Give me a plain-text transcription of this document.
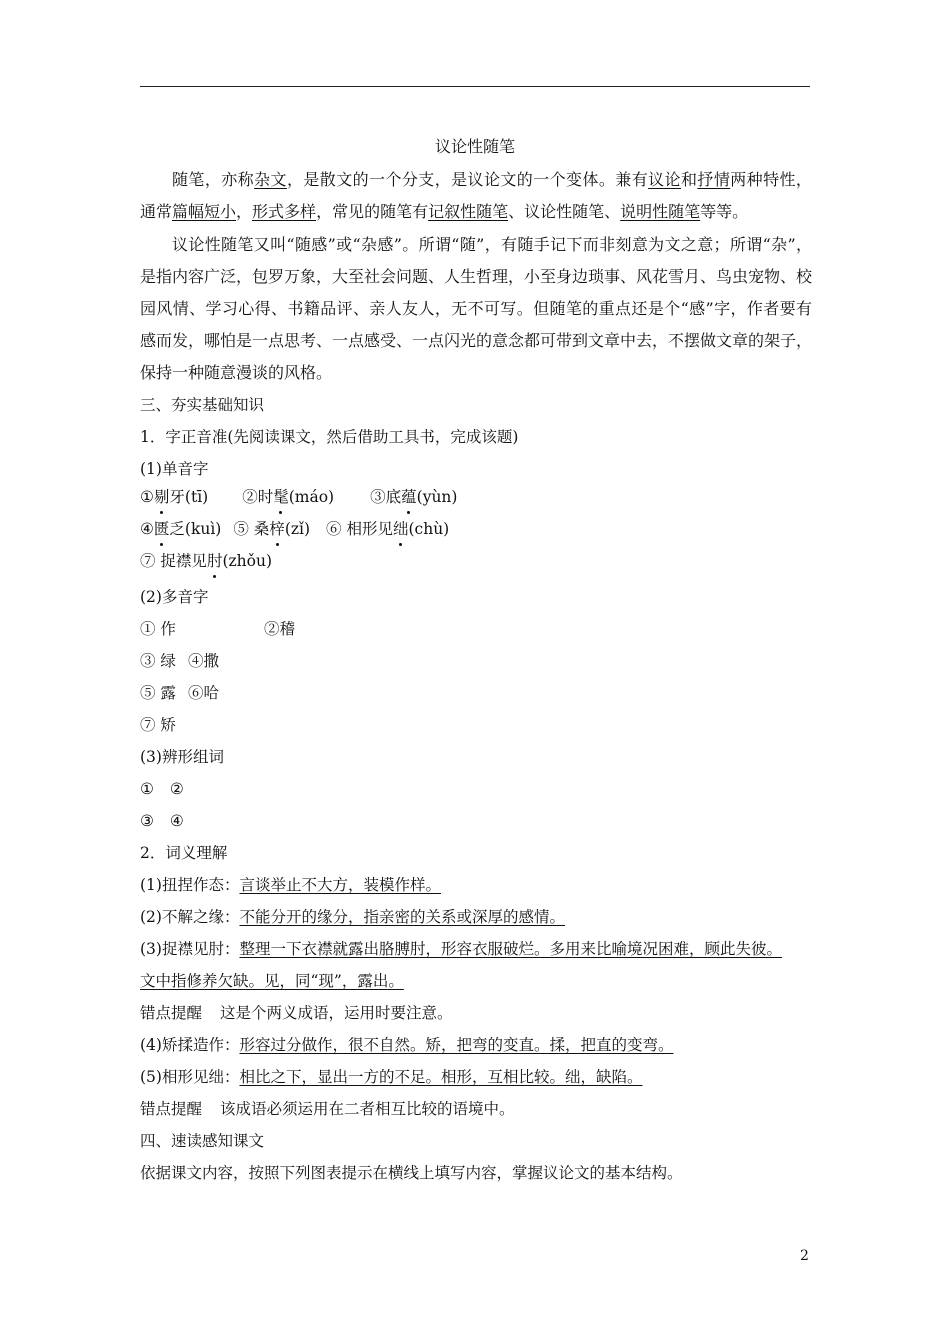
议论性随笔
随笔，亦称杂文，是散文的一个分支，是议论文的一个变体。兼有议论和抒情两种特性，通常篇幅短小，形式多样，常见的随笔有记叙性随笔、议论性随笔、说明性随笔等等。
议论性随笔又叫“随感”或“杂感”。所谓“随”，有随手记下而非刻意为文之意；所谓“杂”，是指内容广泛，包罗万象，大至社会问题、人生哲理，小至身边琐事、风花雪月、鸟虫宠物、校园风情、学习心得、书籍品评、亲人友人，无不可写。但随笔的重点还是个“感”字，作者要有感而发，哪怕是一点思考、一点感受、一点闪光的意念都可带到文章中去，不摆做文章的架子，保持一种随意漫谈的风格。
三、夯实基础知识
1．字正音准(先阅读课文，然后借助工具书，完成该题)
(1)单音字
①剔牙(tī) ②时髦(máo) ③底蕴(yùn)
④匮乏(kuì) ⑤ 桑梓(zǐ) ⑥ 相形见绌(chù)
⑦ 捉襟见肘(zhǒu)
(2)多音字
① 作	②稽
③ 绿 ④撒
⑤ 露 ⑥哈
⑦ 矫
(3)辨形组词
① ②
③ ④
2．词义理解
(1)扭捏作态：言谈举止不大方，装模作样。
(2)不解之缘：不能分开的缘分，指亲密的关系或深厚的感情。
(3)捉襟见肘：整理一下衣襟就露出胳膊肘，形容衣服破烂。多用来比喻境况困难，顾此失彼。
文中指修养欠缺。见，同“现”，露出。
错点提醒 这是个两义成语，运用时要注意。
(4)矫揉造作：形容过分做作，很不自然。矫，把弯的变直。揉，把直的变弯。
(5)相形见绌：相比之下，显出一方的不足。相形，互相比较。绌，缺陷。
错点提醒 该成语必须运用在二者相互比较的语境中。
四、速读感知课文
依据课文内容，按照下列图表提示在横线上填写内容，掌握议论文的基本结构。
2
